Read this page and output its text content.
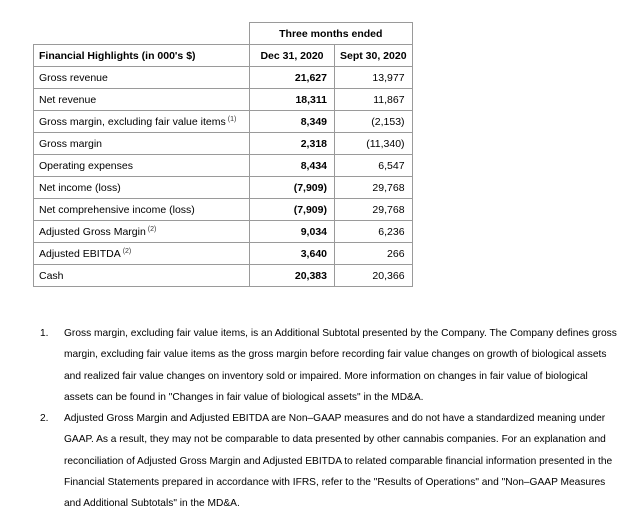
	Three months ended	
Financial Highlights (in 000's $)	Dec 31, 2020	Sept 30, 2020
Gross revenue	21,627	13,977
Net revenue	18,311	11,867
Gross margin, excluding fair value items $^{(1)}$	8,349	(2,153)
Gross margin	2,318	(11,340)
Operating expenses	8,434	6,547
Net income (loss)	(7,909)	29,768
Net comprehensive income (loss)	(7,909)	29,768
Adjusted Gross Margin $^{(2)}$	9,034	6,236
Adjusted EBITDA $^{(2)}$	3,640	266
Cash	20,383	20,366
1.	Gross margin, excluding fair value items, is an Additional Subtotal presented by the Company. The Company defines gross margin, excluding fair value items as the gross margin before recording fair value changes on growth of biological assets and realized fair value changes on inventory sold or impaired. More information on changes in fair value of biological assets can be found in "Changes in fair value of biological assets" in the MD&A.
2.	Adjusted Gross Margin and Adjusted EBITDA are Non–GAAP measures and do not have a standardized meaning under GAAP. As a result, they may not be comparable to data presented by other cannabis companies. For an explanation and reconciliation of Adjusted Gross Margin and Adjusted EBITDA to related comparable financial information presented in the Financial Statements prepared in accordance with IFRS, refer to the "Results of Operations" and "Non–GAAP Measures and Additional Subtotals" in the MD&A.
